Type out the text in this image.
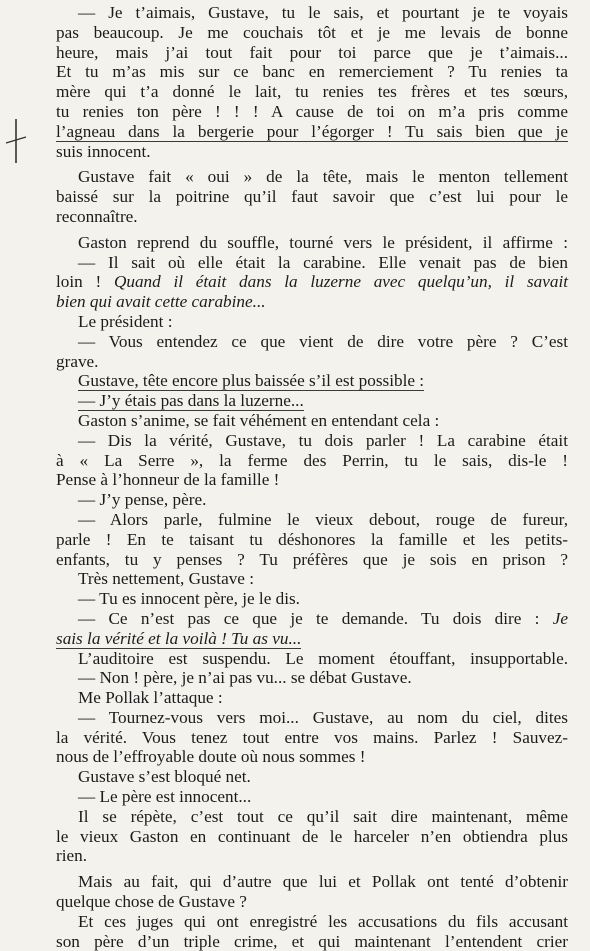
— Je t’aimais, Gustave, tu le sais, et pourtant je te voyais
pas beaucoup. Je me couchais tôt et je me levais de bonne
heure, mais j’ai tout fait pour toi parce que je t’aimais...
Et tu m’as mis sur ce banc en remerciement ? Tu renies ta
mère qui t’a donné le lait, tu renies tes frères et tes sœurs,
tu renies ton père ! ! ! A cause de toi on m’a pris comme
l’agneau dans la bergerie pour l’égorger ! Tu sais bien que je
suis innocent.
Gustave fait « oui » de la tête, mais le menton tellement
baissé sur la poitrine qu’il faut savoir que c’est lui pour le
reconnaître.
Gaston reprend du souffle, tourné vers le président, il affirme :
— Il sait où elle était la carabine. Elle venait pas de bien
loin ! Quand il était dans la luzerne avec quelqu’un, il savait
bien qui avait cette carabine...
Le président :
— Vous entendez ce que vient de dire votre père ? C’est
grave.
Gustave, tête encore plus baissée s’il est possible :
— J’y étais pas dans la luzerne...
Gaston s’anime, se fait véhément en entendant cela :
— Dis la vérité, Gustave, tu dois parler ! La carabine était
à « La Serre », la ferme des Perrin, tu le sais, dis-le !
Pense à l’honneur de la famille !
— J’y pense, père.
— Alors parle, fulmine le vieux debout, rouge de fureur,
parle ! En te taisant tu déshonores la famille et les petits-
enfants, tu y penses ? Tu préfères que je sois en prison ?
Très nettement, Gustave :
— Tu es innocent père, je le dis.
— Ce n’est pas ce que je te demande. Tu dois dire : Je
sais la vérité et la voilà ! Tu as vu...
L’auditoire est suspendu. Le moment étouffant, insupportable.
— Non ! père, je n’ai pas vu... se débat Gustave.
Me Pollak l’attaque :
— Tournez-vous vers moi... Gustave, au nom du ciel, dites
la vérité. Vous tenez tout entre vos mains. Parlez ! Sauvez-
nous de l’effroyable doute où nous sommes !
Gustave s’est bloqué net.
— Le père est innocent...
Il se répète, c’est tout ce qu’il sait dire maintenant, même
le vieux Gaston en continuant de le harceler n’en obtiendra plus
rien.
Mais au fait, qui d’autre que lui et Pollak ont tenté d’obtenir
quelque chose de Gustave ?
Et ces juges qui ont enregistré les accusations du fils accusant
son père d’un triple crime, et qui maintenant l’entendent crier
